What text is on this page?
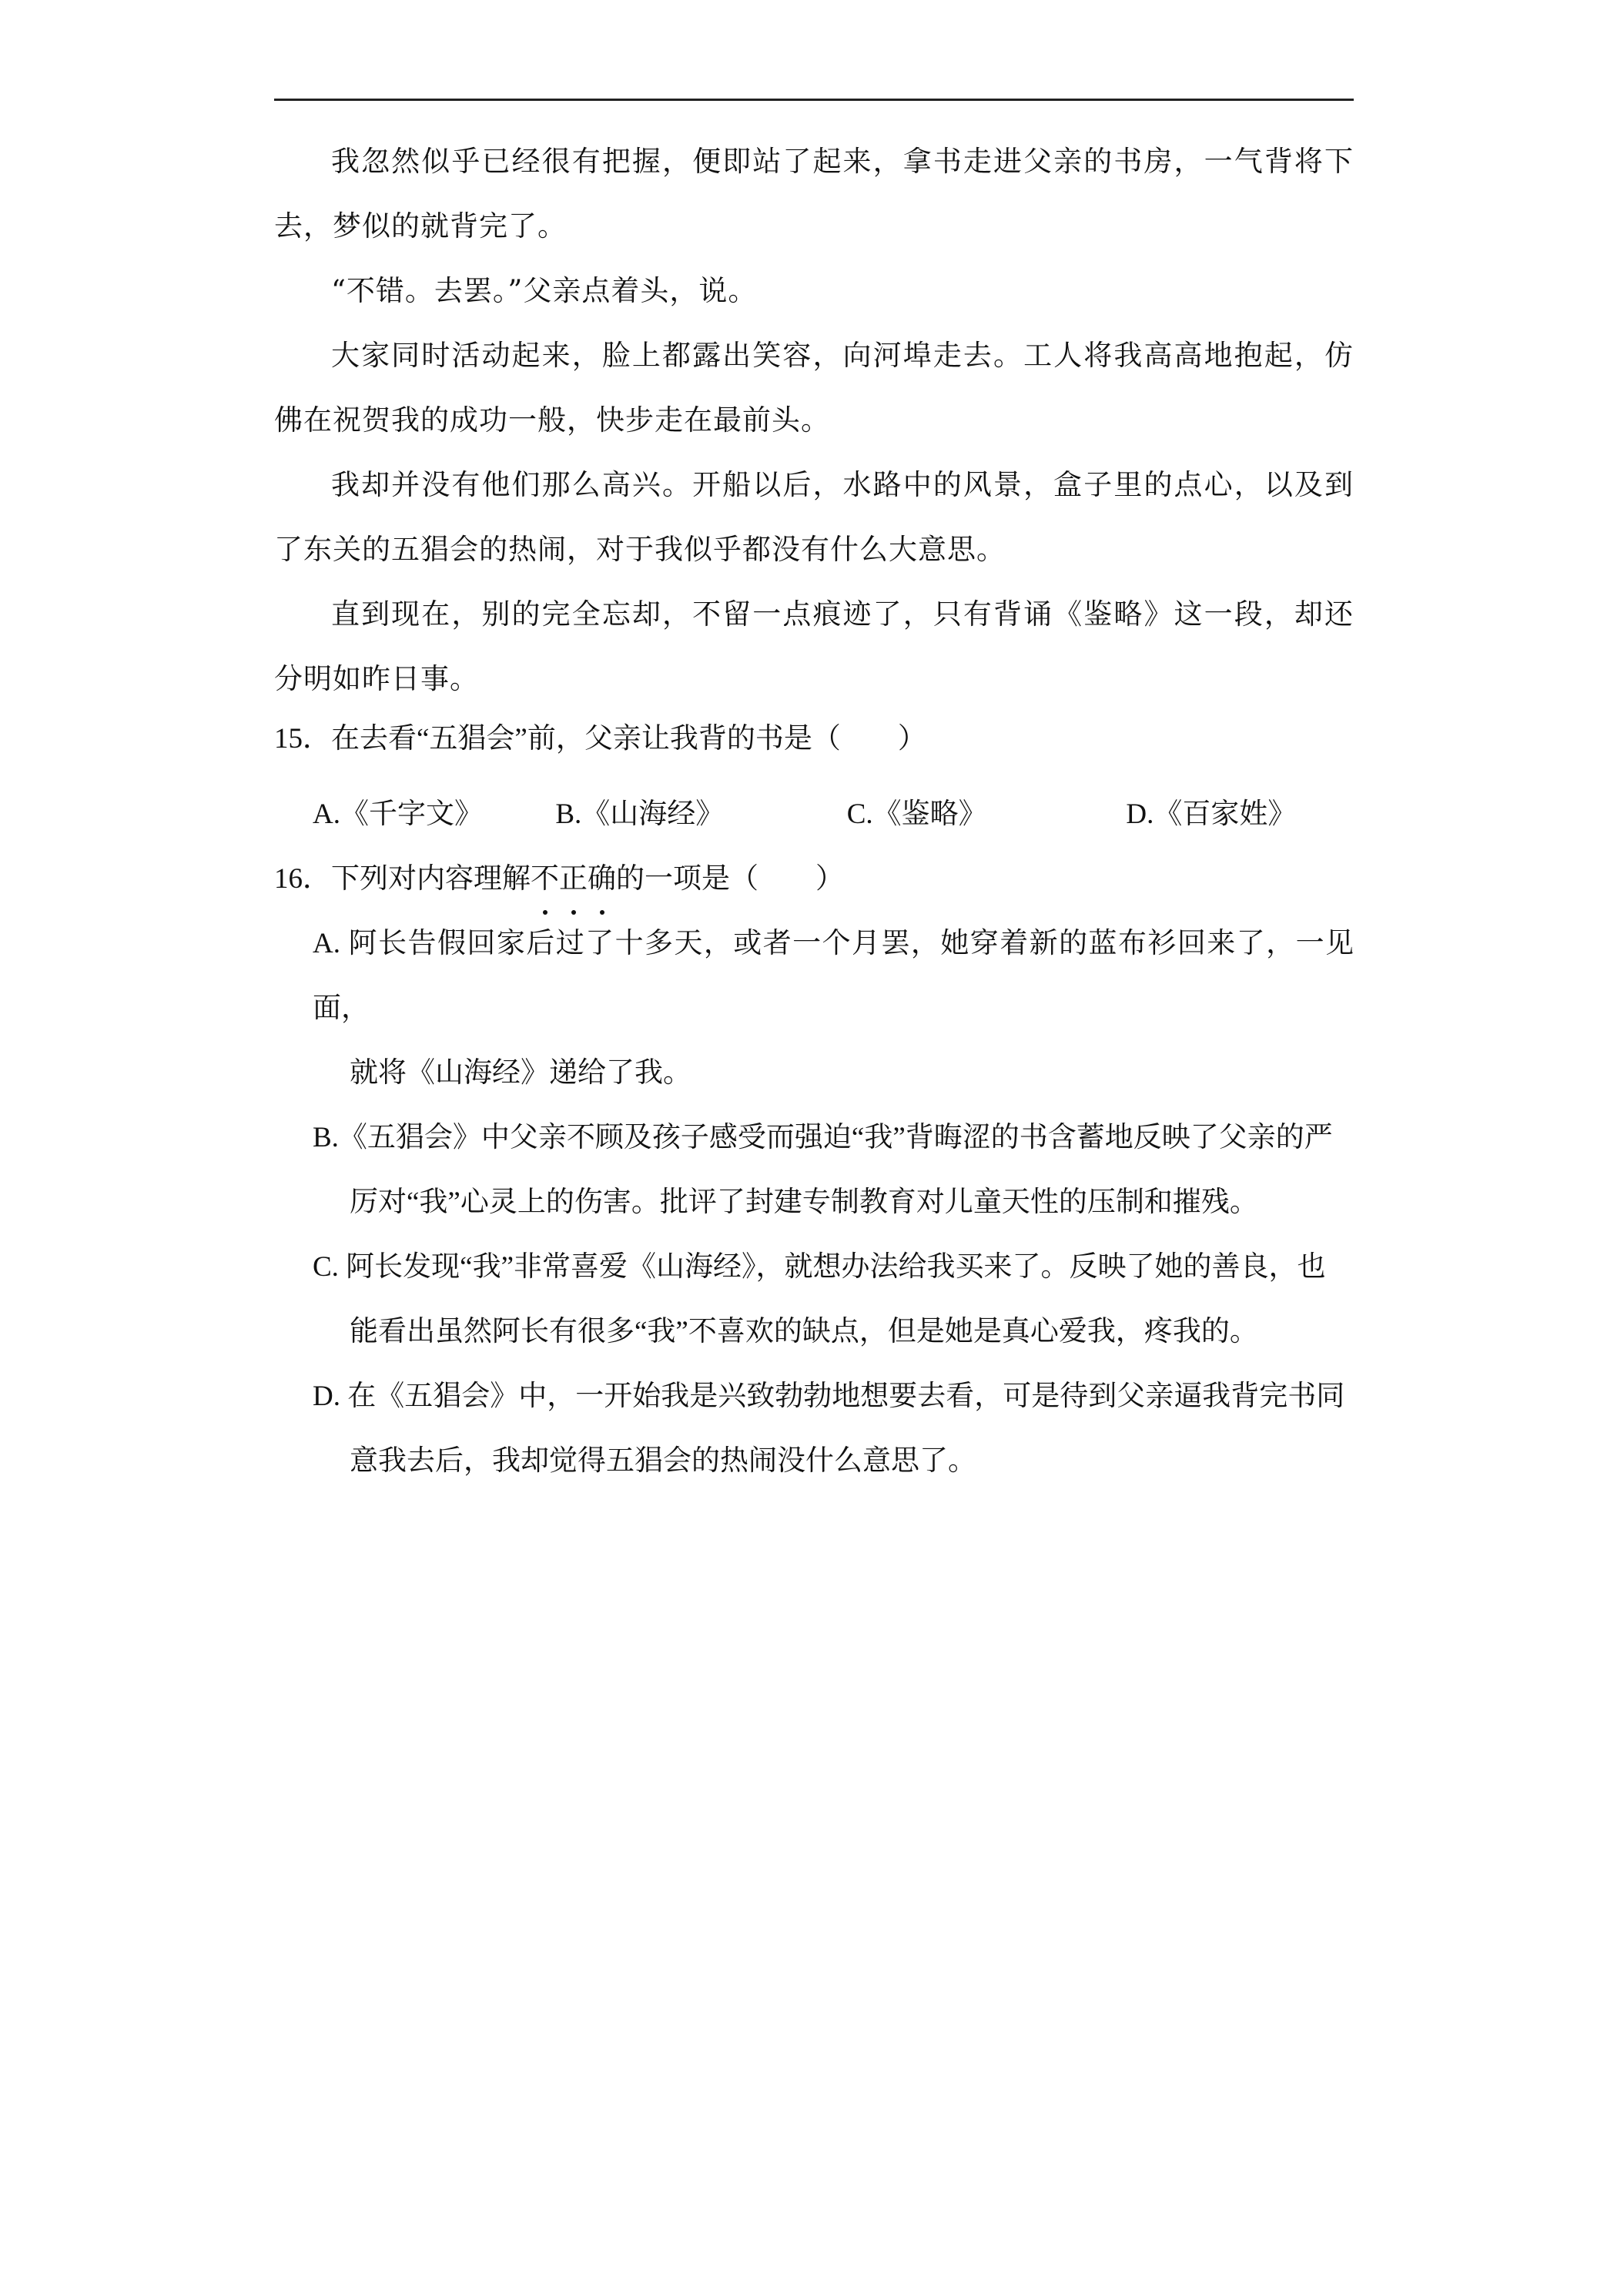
我忽然似乎已经很有把握，便即站了起来，拿书走进父亲的书房，一气背将下去，梦似的就背完了。

“不错。去罢。”父亲点着头，说。

大家同时活动起来，脸上都露出笑容，向河埠走去。工人将我高高地抱起，仿佛在祝贺我的成功一般，快步走在最前头。

我却并没有他们那么高兴。开船以后，水路中的风景，盒子里的点心，以及到了东关的五猖会的热闹，对于我似乎都没有什么大意思。

直到现在，别的完全忘却，不留一点痕迹了，只有背诵《鉴略》这一段，却还分明如昨日事。

15．在去看“五猖会”前，父亲让我背的书是（　　）

A.《千字文》	B.《山海经》	C.《鉴略》	D.《百家姓》

16．下列对内容理解不正确的一项是（　　）

A. 阿长告假回家后过了十多天，或者一个月罢，她穿着新的蓝布衫回来了，一见面，

就将《山海经》递给了我。

B.《五猖会》中父亲不顾及孩子感受而强迫“我”背晦涩的书含蓄地反映了父亲的严

厉对“我”心灵上的伤害。批评了封建专制教育对儿童天性的压制和摧残。

C. 阿长发现“我”非常喜爱《山海经》，就想办法给我买来了。反映了她的善良，也

能看出虽然阿长有很多“我”不喜欢的缺点，但是她是真心爱我，疼我的。

D. 在《五猖会》中，一开始我是兴致勃勃地想要去看，可是待到父亲逼我背完书同

意我去后，我却觉得五猖会的热闹没什么意思了。
